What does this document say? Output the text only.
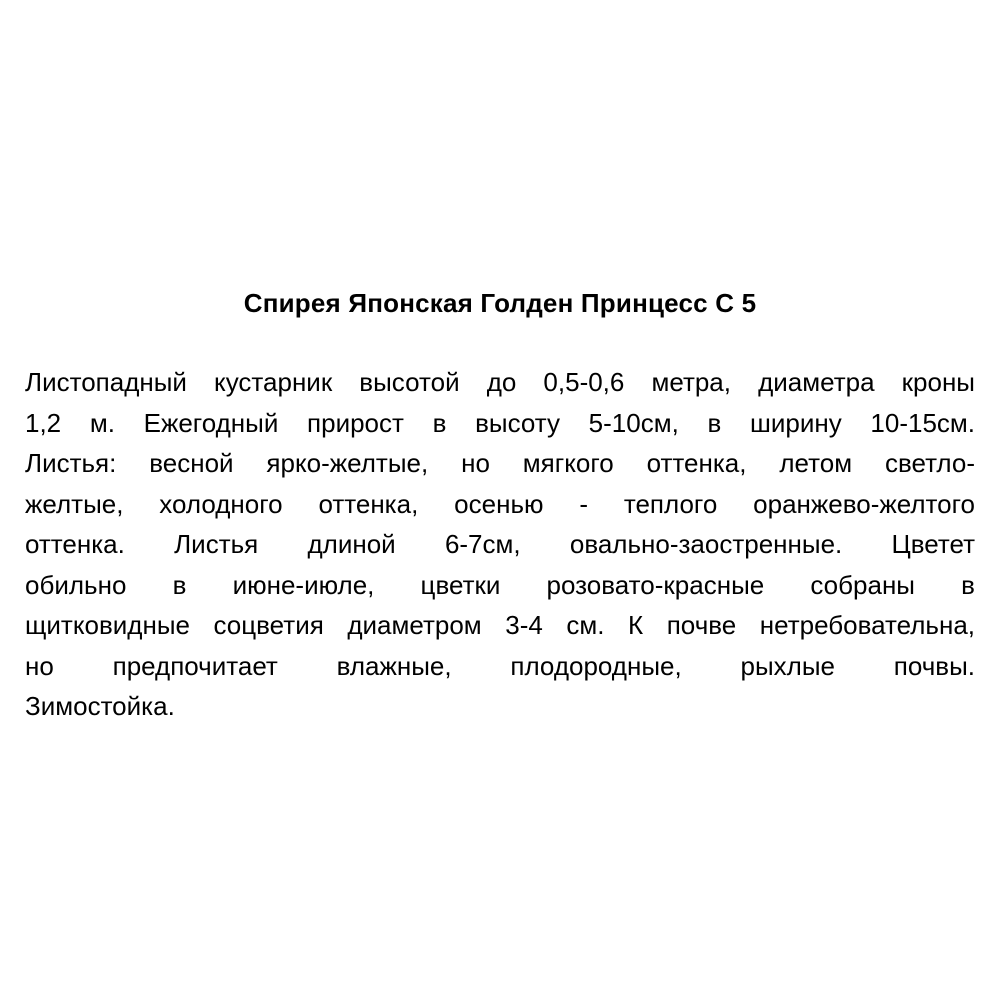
Спирея Японская Голден Принцесс С 5
Листопадный кустарник высотой до 0,5-0,6 метра, диаметра кроны
1,2 м. Ежегодный прирост в высоту 5-10см, в ширину 10-15см.
Листья: весной ярко-желтые, но мягкого оттенка, летом светло-
желтые, холодного оттенка, осенью - теплого оранжево-желтого
оттенка. Листья длиной 6-7см, овально-заостренные. Цветет
обильно в июне-июле, цветки розовато-красные собраны в
щитковидные соцветия диаметром 3-4 см. К почве нетребовательна,
но предпочитает влажные, плодородные, рыхлые почвы.
Зимостойка.
